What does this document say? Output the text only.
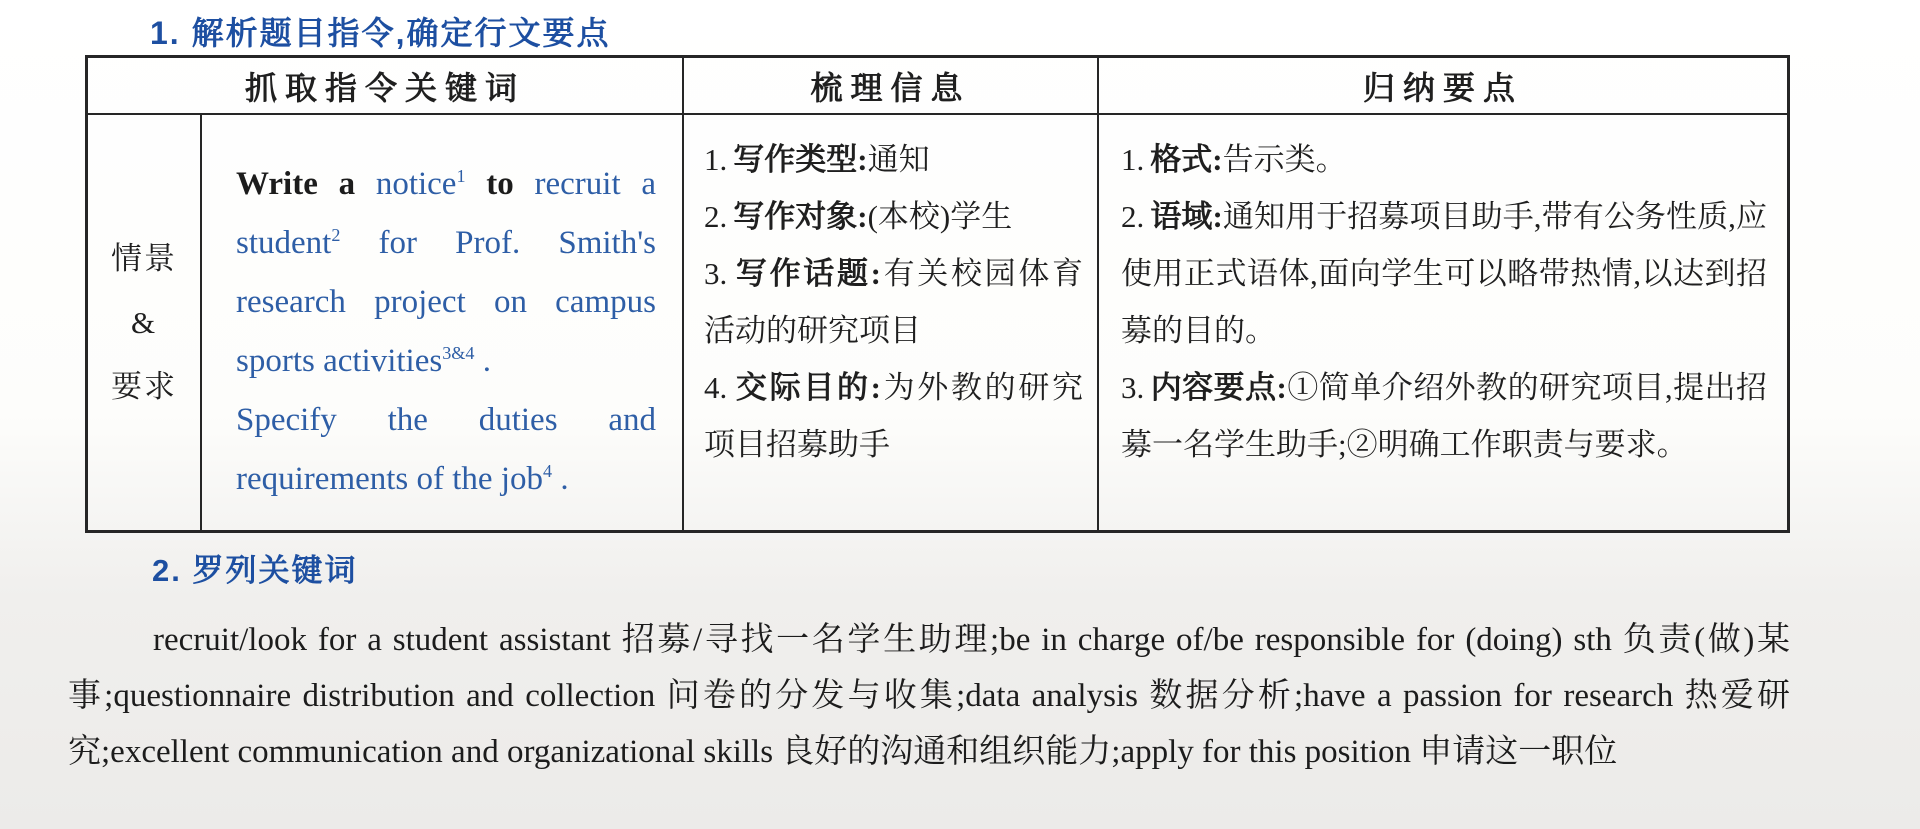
1. 解析题目指令,确定行文要点
抓取指令关键词	梳理信息	归纳要点
情景
&
要求

Write a notice$^1$ to recruit a student$^2$ for Prof. Smith's research project on campus sports activities$^{3\&4}$ .

Specify the duties and requirements of the job$^4$ .

1. 写作类型:通知
2. 写作对象:(本校)学生
3. 写作话题:有关校园体育活动的研究项目
4. 交际目的:为外教的研究项目招募助手
1. 格式:告示类。
2. 语域:通知用于招募项目助手,带有公务性质,应使用正式语体,面向学生可以略带热情,以达到招募的目的。
3. 内容要点:①简单介绍外教的研究项目,提出招募一名学生助手;②明确工作职责与要求。
2. 罗列关键词
recruit/look for a student assistant 招募/寻找一名学生助理;be in charge of/be responsible for (doing) sth 负责(做)某事;questionnaire distribution and collection 问卷的分发与收集;data analysis 数据分析;have a passion for research 热爱研究;excellent communication and organizational skills 良好的沟通和组织能力;apply for this position 申请这一职位
